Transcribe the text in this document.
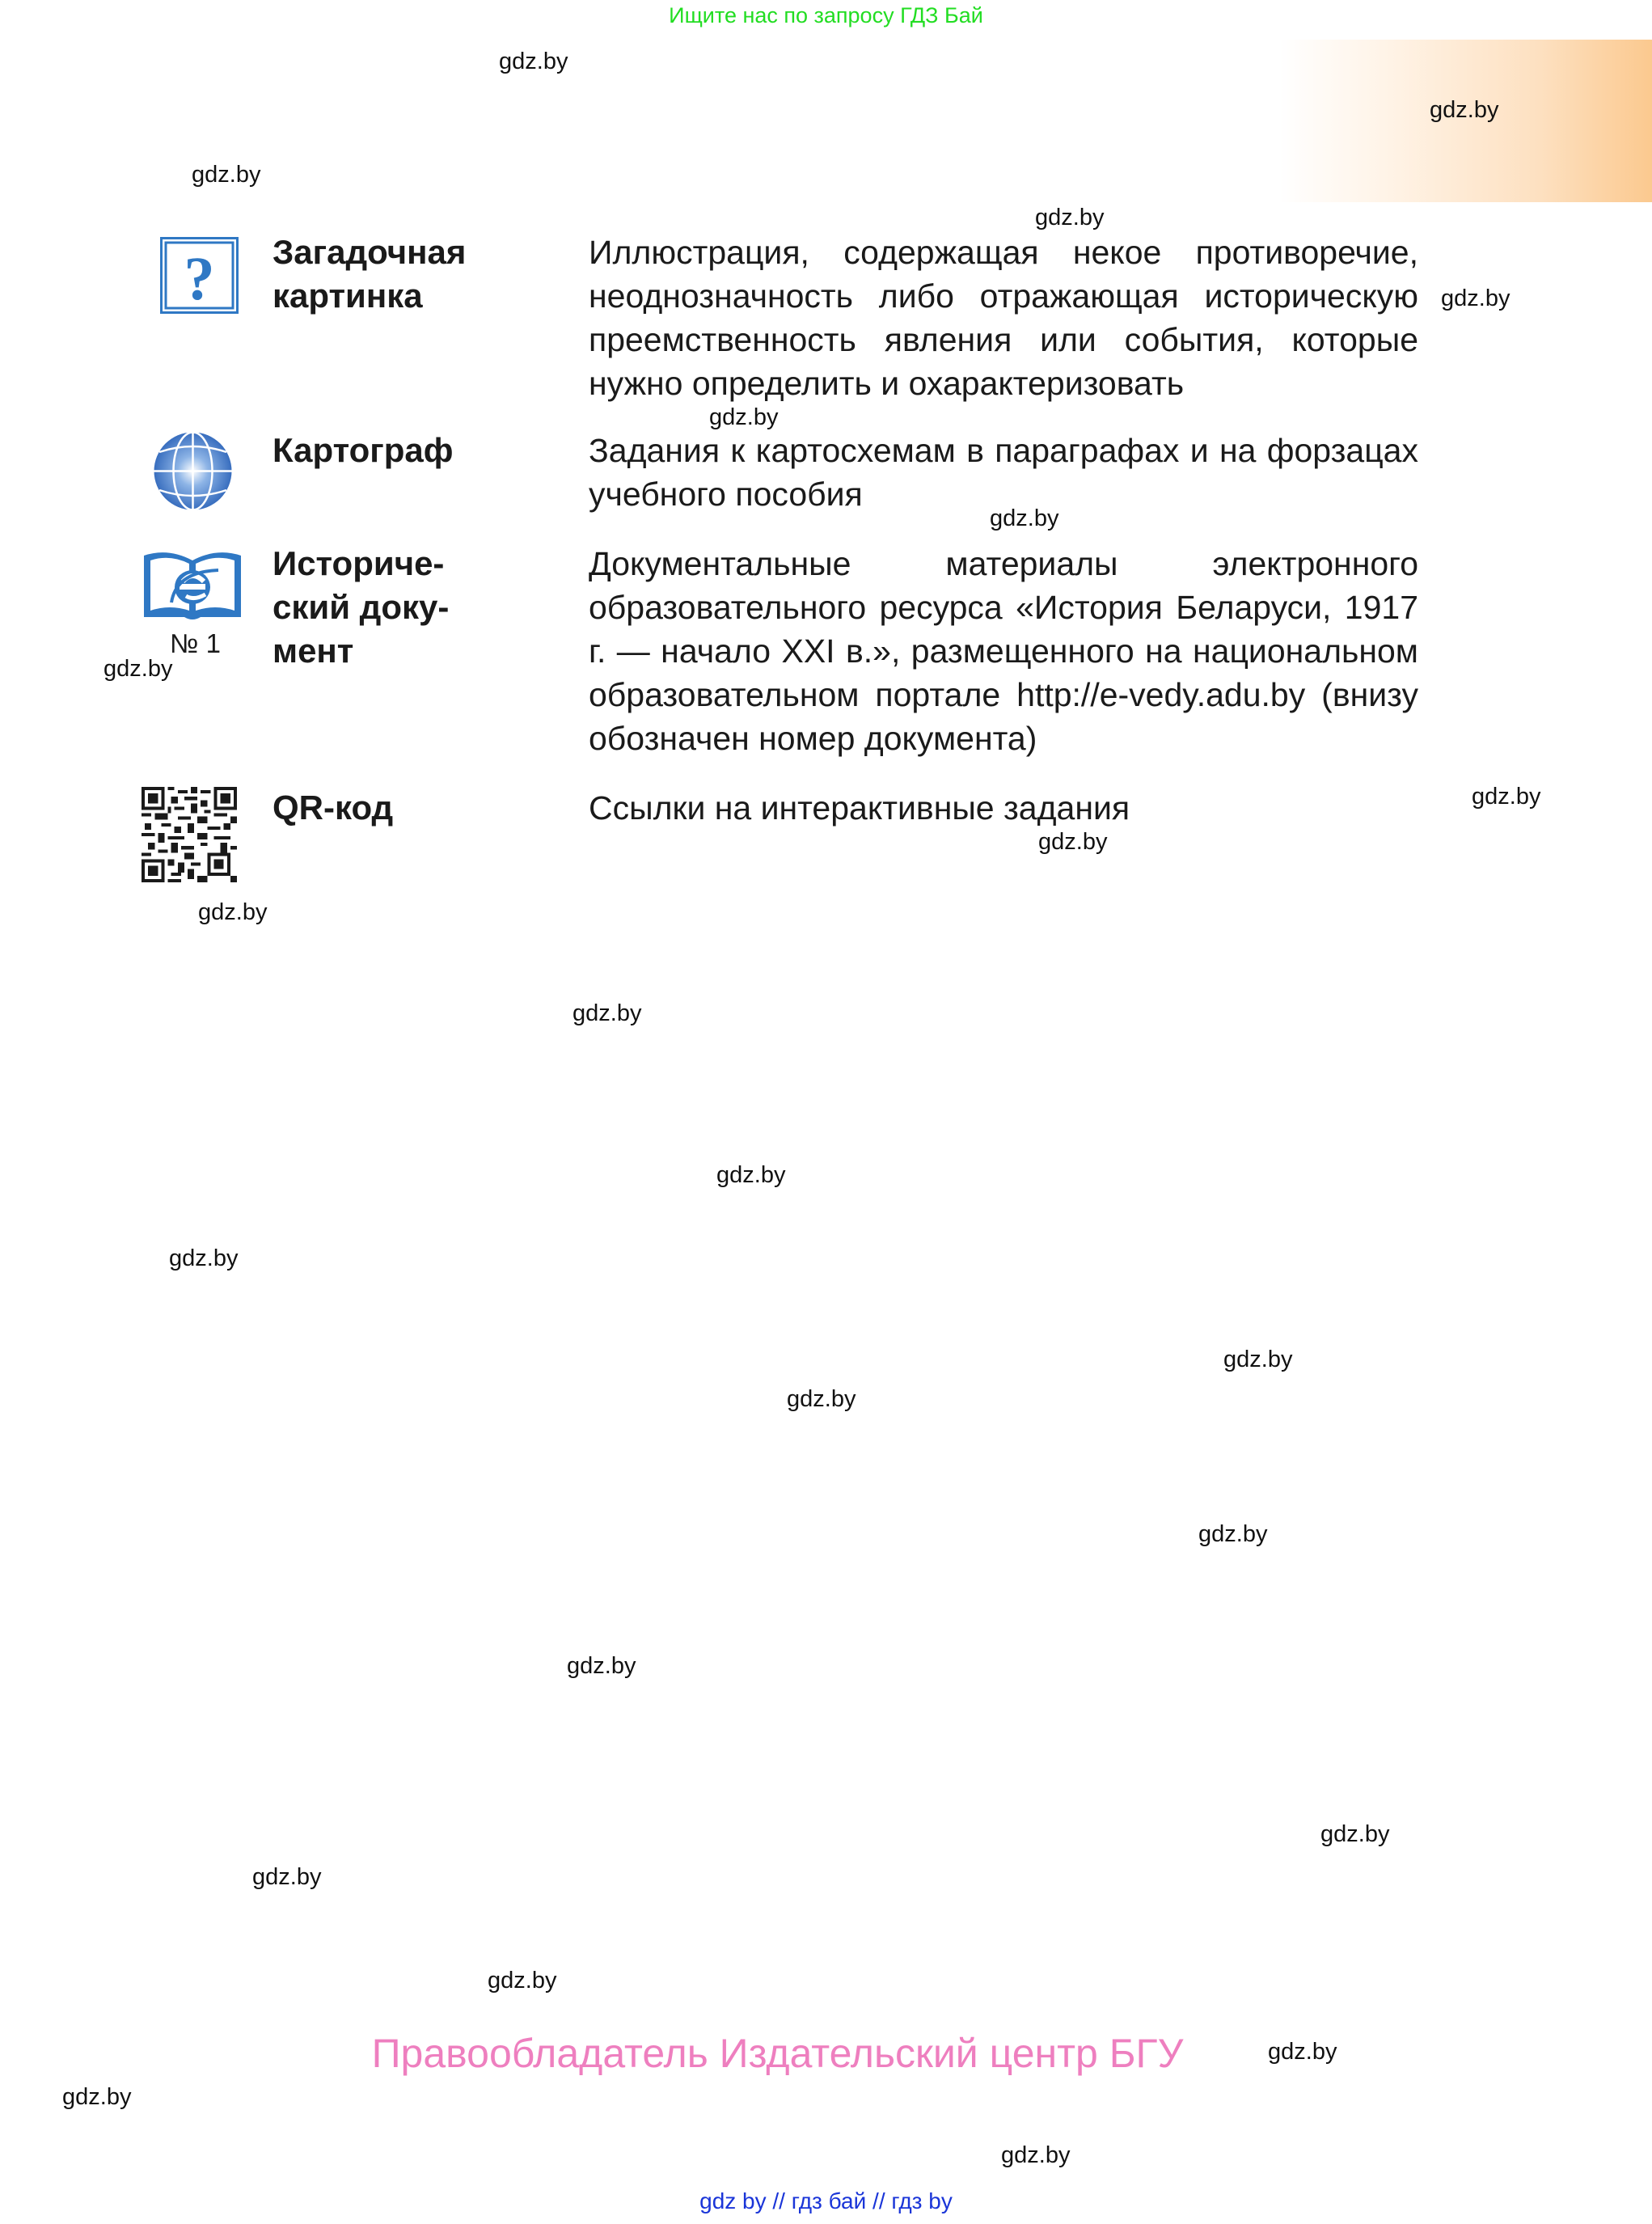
Ищите нас по запросу ГДЗ Бай
? Загадочная
картинка
Иллюстрация, содержащая некое противоречие, неоднозначность либо отражающая историческую преемственность явления или события, которые нужно определить и охарактеризовать
Картограф	Задания к картосхемам в параграфах и на форзацах учебного пособия
№ 1
Историче-
ский доку-
мент
Документальные материалы электронного образовательного ресурса «История Беларуси, 1917 г. — начало XXI в.», размещенного на национальном образовательном портале http://e-vedy.adu.by (внизу обозначен номер документа)
QR-код	Ссылки на интерактивные задания
gdz.by
gdz.by
gdz.by
gdz.by
gdz.by
gdz.by
gdz.by
gdz.by
gdz.by
gdz.by
gdz.by
gdz.by
gdz.by
gdz.by
gdz.by
gdz.by
gdz.by
gdz.by
gdz.by
gdz.by
gdz.by
gdz.by
gdz.by
gdz.by
Правообладатель Издательский центр БГУ
gdz by // гдз бай // гдз by
